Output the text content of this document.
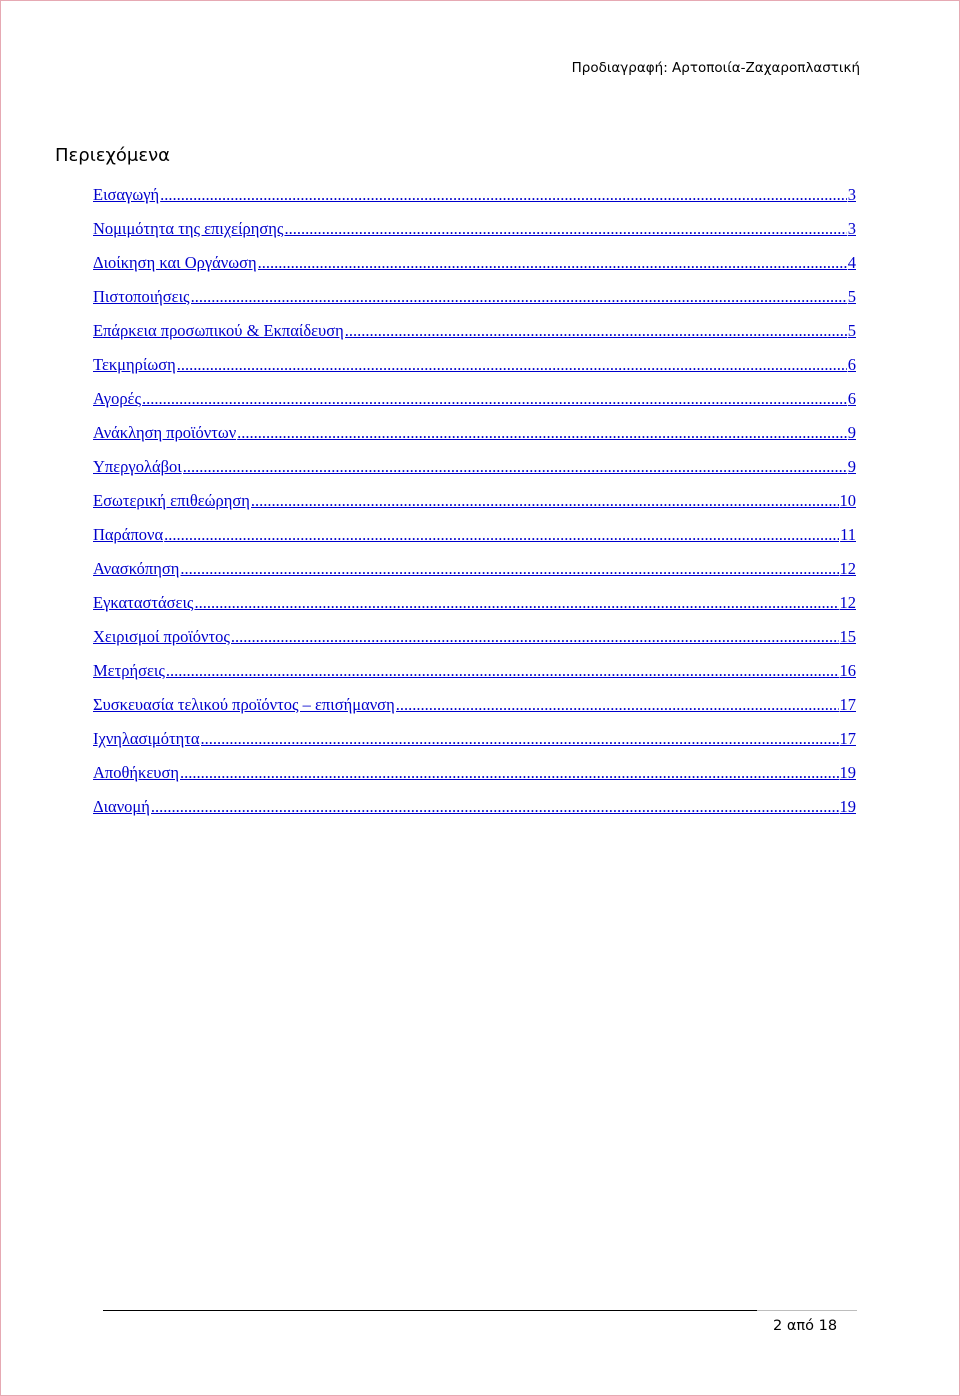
Προδιαγραφή: Αρτοποιία-Ζαχαροπλαστική
Περιεχόμενα
Εισαγωγή .....	3
Νομιμότητα της επιχείρησης .....	3
Διοίκηση και Οργάνωση .....	4
Πιστοποιήσεις .....	5
Επάρκεια προσωπικού & Εκπαίδευση .....	5
Τεκμηρίωση .....	6
Αγορές .....	6
Ανάκληση προϊόντων .....	9
Υπεργολάβοι .....	9
Εσωτερική επιθεώρηση .....	10
Παράπονα .....	11
Ανασκόπηση .....	12
Εγκαταστάσεις .....	12
Χειρισμοί προϊόντος .....	15
Μετρήσεις .....	16
Συσκευασία τελικού προϊόντος – επισήμανση .....	17
Ιχνηλασιμότητα .....	17
Αποθήκευση .....	19
Διανομή .....	19
2 από 18
